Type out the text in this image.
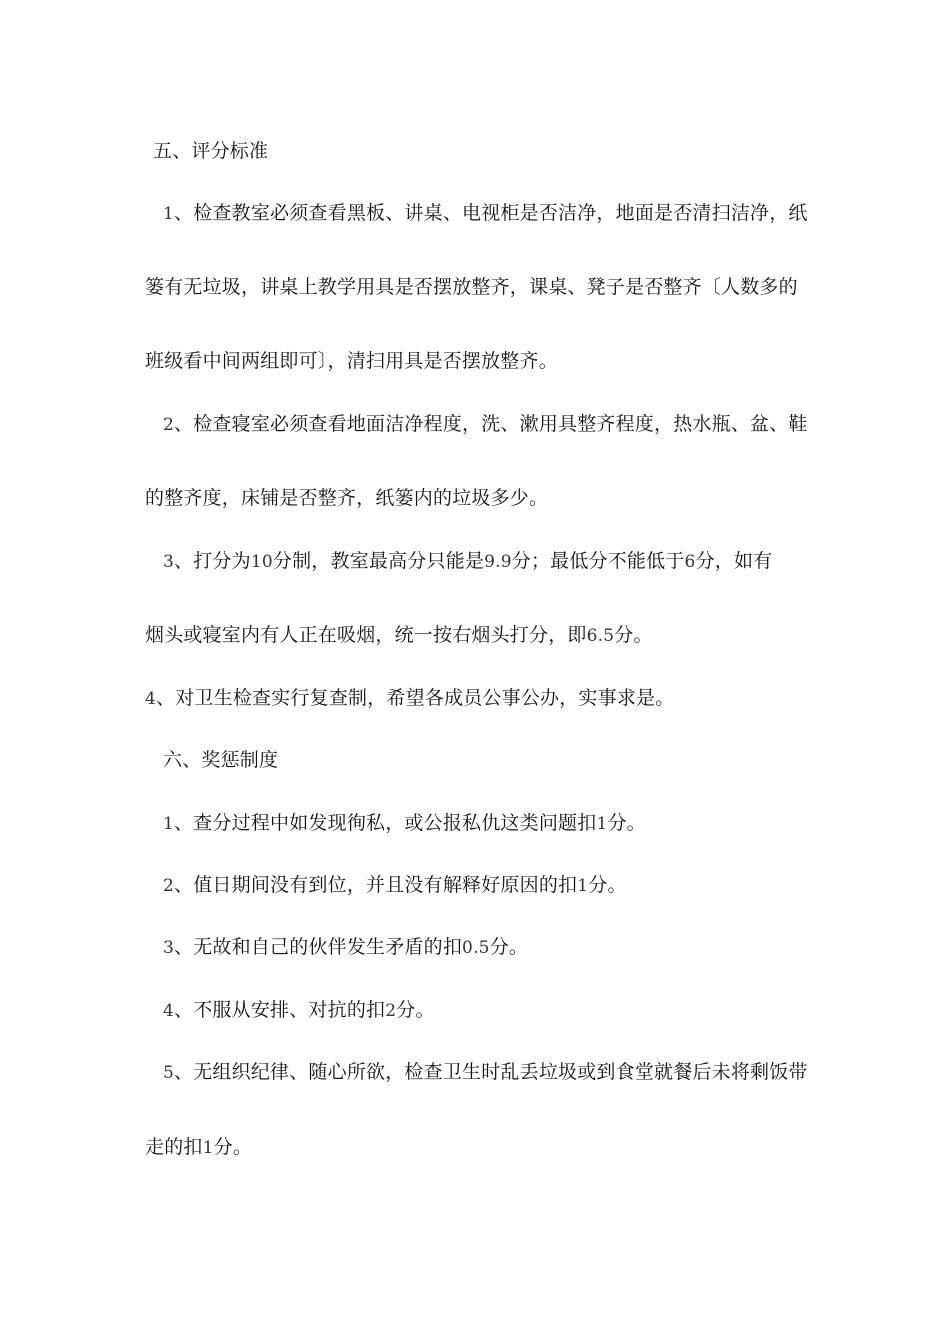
五、评分标准
1、检查教室必须查看黑板、讲桌、电视柜是否洁净，地面是否清扫洁净，纸
篓有无垃圾，讲桌上教学用具是否摆放整齐，课桌、凳子是否整齐〔人数多的
班级看中间两组即可〕，清扫用具是否摆放整齐。
2、检查寝室必须查看地面洁净程度，洗、漱用具整齐程度，热水瓶、盆、鞋
的整齐度，床铺是否整齐，纸篓内的垃圾多少。
3、打分为10分制，教室最高分只能是9.9分；最低分不能低于6分，如有
烟头或寝室内有人正在吸烟，统一按右烟头打分，即6.5分。
4、对卫生检查实行复查制，希望各成员公事公办，实事求是。
六、奖惩制度
1、查分过程中如发现徇私，或公报私仇这类问题扣1分。
2、值日期间没有到位，并且没有解释好原因的扣1分。
3、无故和自己的伙伴发生矛盾的扣0.5分。
4、不服从安排、对抗的扣2分。
5、无组织纪律、随心所欲，检查卫生时乱丢垃圾或到食堂就餐后未将剩饭带
走的扣1分。
